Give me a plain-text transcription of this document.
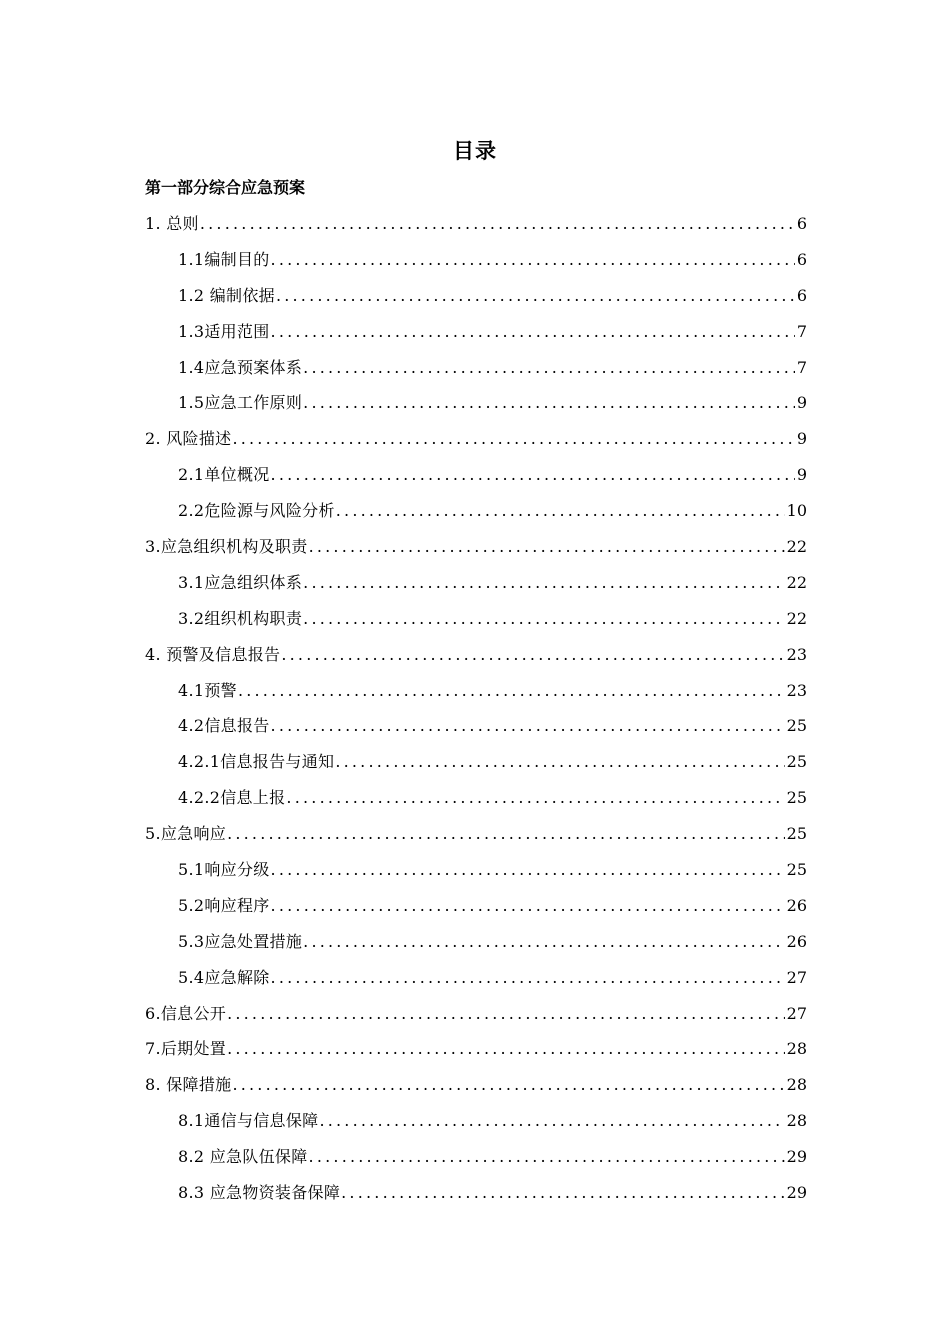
目录
第一部分综合应急预案
1. 总则 .....	6
1.1编制目的 .....	6
1.2 编制依据 .....	6
1.3适用范围 .....	7
1.4应急预案体系 .....	7
1.5应急工作原则 .....	9
2. 风险描述 .....	9
2.1单位概况 .....	9
2.2危险源与风险分析 .....	10
3.应急组织机构及职责 .....	22
3.1应急组织体系 .....	22
3.2组织机构职责 .....	22
4. 预警及信息报告 .....	23
4.1预警 .....	23
4.2信息报告 .....	25
4.2.1信息报告与通知 .....	25
4.2.2信息上报 .....	25
5.应急响应 .....	25
5.1响应分级 .....	25
5.2响应程序 .....	26
5.3应急处置措施 .....	26
5.4应急解除 .....	27
6.信息公开 .....	27
7.后期处置 .....	28
8. 保障措施 .....	28
8.1通信与信息保障 .....	28
8.2 应急队伍保障 .....	29
8.3 应急物资装备保障 .....	29
